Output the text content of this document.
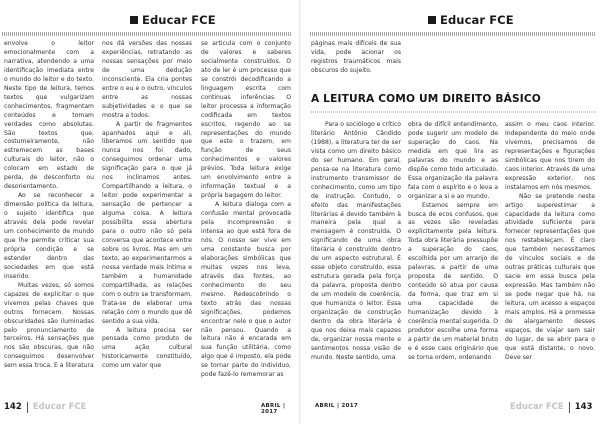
Educar FCE

envolve o leitor emocionalmente com a narrativa, atendendo a uma identificação imediata entre o mundo do leitor e do texto. Neste tipo de leitura, temos textos que vulgarizam conhecimentos, fragmentam conteúdos e tomam verdades como absolutas. São textos que, costumeiramente, não estremecem as bases culturais do leitor, não o colocam em estado de perda, de desconforto ou desorientamento.

Ao se reconhecer a dimensão política da leitura, o sujeito identifica que através dela pode revelar um conhecimento de mundo que lhe permite criticar sua própria condição e se estender dentro das sociedades em que está inserido.

Muitas vezes, só somos capazes de explicitar o que vivemos pelas chaves que outros fornecem. Nossas obscuridades são iluminadas pelo pronunciamento de terceiros. Há sensações que nos são obscuras, que não conseguimos desenvolver sem essa troca. E a literatura

nos dá versões das nossas experiências, retratando as nossas sensações por meio de uma dedução inconsciente. Ela cria pontes entre o eu e o outro, vínculos entre as nossas subjetividades e o que se mostra a todos.

A partir de fragmentos apanhados aqui e ali, liberamos um sentido que nunca nos foi dado, conseguimos ordenar uma significação para o que já nos inclinamos antes. Compartilhando a leitura, o leitor pode experimentar a sensação de pertencer a alguma coisa. A leitura possibilita essa abertura para o outro não só pela conversa que acontece entre sobre os livros. Mas em um texto, ao experimentarmos a nossa verdade mais íntima e também a humanidade compartilhada, as relações com o outro se transformam. Trata-se de elaborar uma relação com o mundo que dê sentido a sua vida.

A leitura precisa ser pensada como produto de uma ação cultural historicamente constituído, como um valor que

se articula com o conjunto de valores e saberes socialmente construídos. O ato de ler é um processo que se constrói decodificando a linguagem escrita com continuas inferências. O leitor processa a informação codificada em textos escritos, regendo ao se representações do mundo que este o trazem, em função de seus conhecimentos e valores prévios. Toda leitura exige um envolvimento entre a informação textual e a própria bagagem do leitor.

A leitura dialoga com a confusão mental provocada pela incompreensão e intensa ao que está fora de nós. O nosso ser vive em uma constante busca por elaborações simbólicas que muitas vezes nos leva, através das fontes, ao conhecimento do seu mesmo. Redescobrindo o texto atrás das nossas significações, podemos encontrar nele o que o autor não pensou. Quando a leitura não é encarada em sua função utilitária, como algo que é imposto, ela pode se tornar parte do individuo, pode fazê-lo rememorar as

142 Educar FCE	ABRIL | 2017
Educar FCE

páginas mais difíceis de sua vida, pode acionar os registros traumáticos mais obscuros do sujeito.

A LEITURA COMO UM DIREITO BÁSICO

Para o sociólogo e crítico literário Antônio Cândido (1988), a literatura ter de ser vista como um direito básico do ser humano. Em geral, pensa-se na literatura como instrumento transmissor de conhecimento, como um tipo de instrução. Contudo, o efeito das manifestações literárias é devido também à maneira pela qual a mensagem é construída. O significando de uma obra literária é construído dentro de um aspecto estrutural. É esse objeto construído, essa estrutura gerada pela força da palavra, proposta dentro de um modelo de coerência, que humaniza o leitor. Essa organização de construção dentro da obra literária é que nos deixa mais capazes de, organizar nossa mente e sentimentos nossa visão de mundo. Neste sentido, uma

obra de difícil entendimento, pode sugerir um modelo de superação do caos. Na medida em que lira as palavras do mundo e as dispõe como todo articulado. Essa organização da palavra fala com o espírito e o leva a organizar a si e ao mundo.

Estamos sempre em busca de ecos confusos, que as vezes são reveladas explicitamente pela leitura. Toda obra literária pressupõe a superação do caos, escolhida por um arranjo de palavras, a partir de uma proposta de sentido. O conteúdo só atua por causa da forma, que traz em si uma capacidade de humanização devido à coerência mental sugerida. O produtor escolhe uma forma a partir de um material bruto e é esse caos originário que se torna ordem, ordenando

assim o meu caos interior. Independente do meio onde vivemos, precisamos de representações e figurações simbólicas que nos tirem do caos interior. Através de uma expressão exterior, nos instalamos em nós mesmos.

Não se pretende neste artigo superestimar a capacidade da leitura como atividade suficiente para fornecer representações que nos restabeleçam. É claro que também necessitamos de vínculos sociais e de outras práticas culturais que sacie em essa busca pela expressão. Mas também não se pode negar que há, na leitura, um acesso a espaços mais amplos. Há a promessa de alargamento desses espaços, de viajar sem sair do lugar, de se abrir para o que está distante, o novo. Deve ser

ABRIL | 2017	Educar FCE 143
